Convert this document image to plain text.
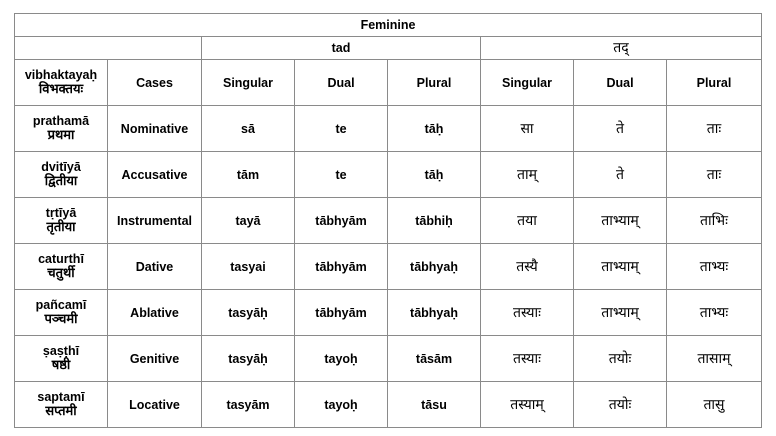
Feminine							
		tad			तद्		

vibhaktayaḥ
विभक्तयः	Cases	Singular	Dual	Plural	Singular	Dual	Plural

prathamā
प्रथमा	Nominative	sā	te	tāḥ	सा	ते	ताः

dvitīyā
द्वितीया	Accusative	tām	te	tāḥ	ताम्	ते	ताः

tṛtīyā
तृतीया	Instrumental	tayā	tābhyām	tābhiḥ	तया	ताभ्याम्	ताभिः

caturthī
चतुर्थी	Dative	tasyai	tābhyām	tābhyaḥ	तस्यै	ताभ्याम्	ताभ्यः

pañcamī
पञ्चमी	Ablative	tasyāḥ	tābhyām	tābhyaḥ	तस्याः	ताभ्याम्	ताभ्यः

ṣaṣṭhī
षष्ठी	Genitive	tasyāḥ	tayoḥ	tāsām	तस्याः	तयोः	तासाम्

saptamī
सप्तमी	Locative	tasyām	tayoḥ	tāsu	तस्याम्	तयोः	तासु
